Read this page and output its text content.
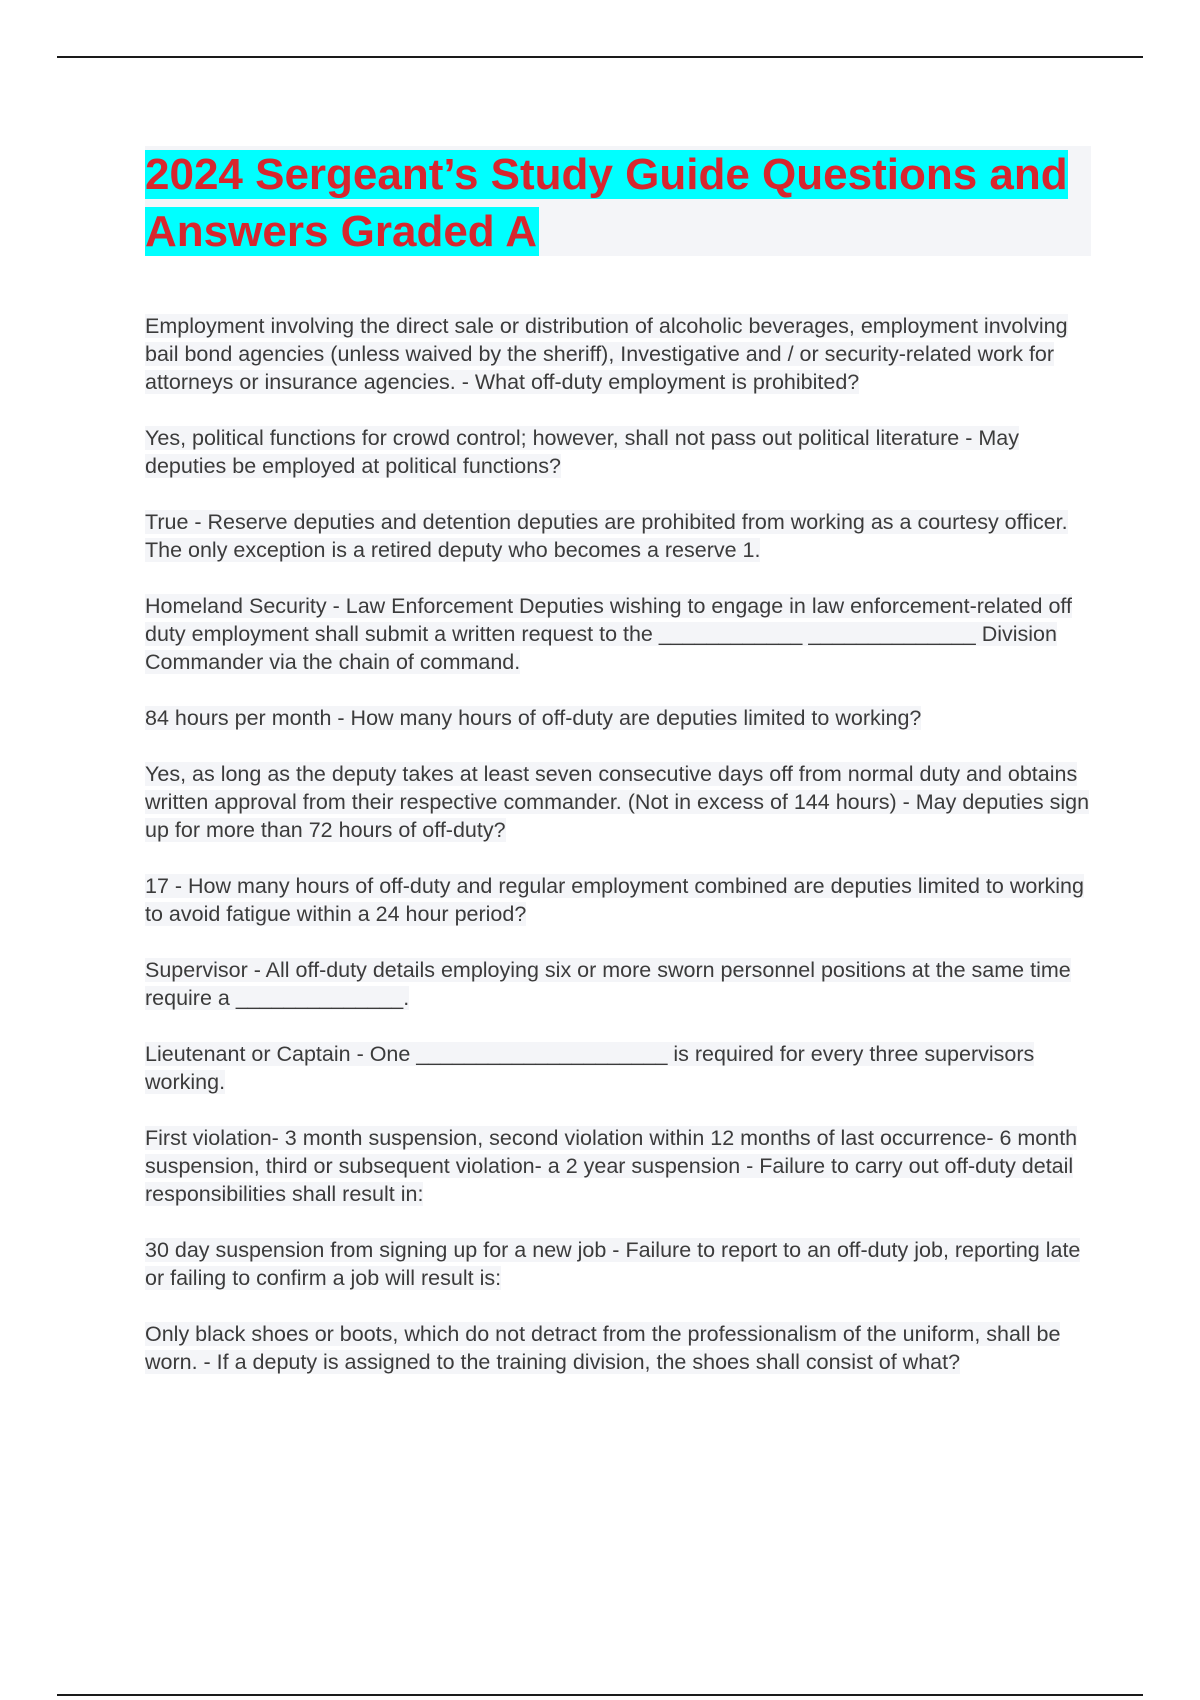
2024 Sergeant’s Study Guide Questions and Answers Graded A
Employment involving the direct sale or distribution of alcoholic beverages, employment involving bail bond agencies (unless waived by the sheriff), Investigative and / or security-related work for attorneys or insurance agencies. - What off-duty employment is prohibited?
Yes, political functions for crowd control; however, shall not pass out political literature - May deputies be employed at political functions?
True - Reserve deputies and detention deputies are prohibited from working as a courtesy officer. The only exception is a retired deputy who becomes a reserve 1.
Homeland Security - Law Enforcement Deputies wishing to engage in law enforcement-related off duty employment shall submit a written request to the ____________ ______________ Division Commander via the chain of command.
84 hours per month - How many hours of off-duty are deputies limited to working?
Yes, as long as the deputy takes at least seven consecutive days off from normal duty and obtains written approval from their respective commander. (Not in excess of 144 hours) - May deputies sign up for more than 72 hours of off-duty?
17 - How many hours of off-duty and regular employment combined are deputies limited to working to avoid fatigue within a 24 hour period?
Supervisor - All off-duty details employing six or more sworn personnel positions at the same time require a ______________.
Lieutenant or Captain - One _____________________ is required for every three supervisors working.
First violation- 3 month suspension, second violation within 12 months of last occurrence- 6 month suspension, third or subsequent violation- a 2 year suspension - Failure to carry out off-duty detail responsibilities shall result in:
30 day suspension from signing up for a new job - Failure to report to an off-duty job, reporting late or failing to confirm a job will result is:
Only black shoes or boots, which do not detract from the professionalism of the uniform, shall be worn. - If a deputy is assigned to the training division, the shoes shall consist of what?
